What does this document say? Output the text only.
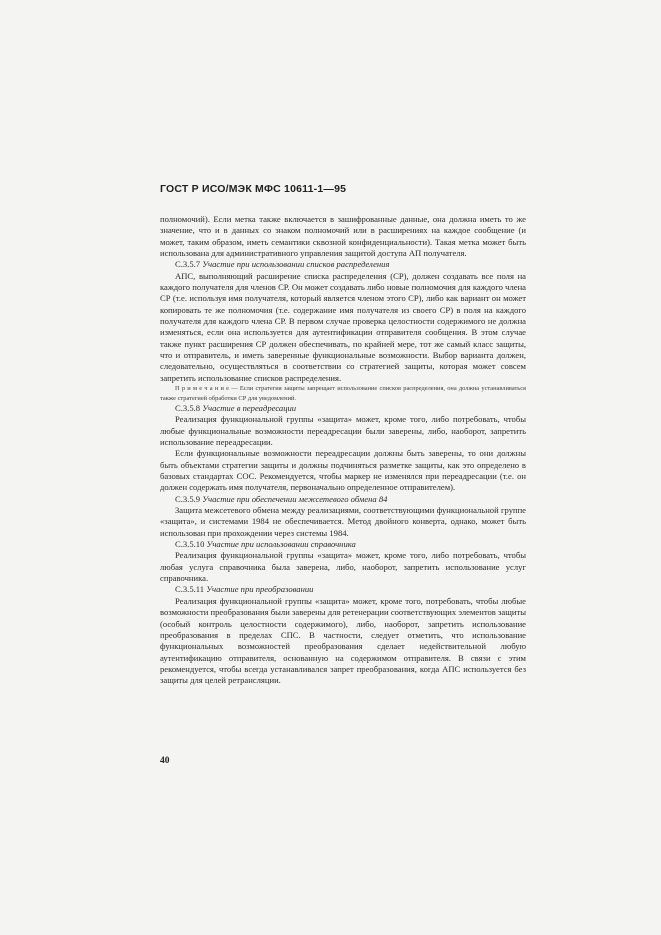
ГОСТ Р ИСО/МЭК МФС 10611-1—95

полномочий). Если метка также включается в зашифрованные данные, она должна иметь то же значение, что и в данных со знаком полномочий или в расширениях на каждое сообщение (и может, таким образом, иметь семантики сквозной конфиденциальности). Такая метка может быть использована для административного управления защитой доступа АП получателя.

С.3.5.7 Участие при использовании списков распределения

АПС, выполняющий расширение списка распределения (СР), должен создавать все поля на каждого получателя для членов СР. Он может создавать либо новые полномочия для каждого члена СР (т.е. используя имя получателя, который является членом этого СР), либо как вариант он может копировать те же полномочия (т.е. содержание имя получателя из своего СР) в поля на каждого получателя для каждого члена СР. В первом случае проверка целостности содержимого не должна изменяться, если она используется для аутентификации отправителя сообщения. В этом случае также пункт расширения СР должен обеспечивать, по крайней мере, тот же самый класс защиты, что и отправитель, и иметь заверенные функциональные возможности. Выбор варианта должен, следовательно, осуществляться в соответствии со стратегией защиты, которая может совсем запретить использование списков распределения.

П р и м е ч а н и е — Если стратегия защиты запрещает использование списков распределения, она должна устанавливаться также стратегией обработки СР для уведомлений.

С.3.5.8 Участие в переадресации

Реализация функциональной группы «защита» может, кроме того, либо потребовать, чтобы любые функциональные возможности переадресации были заверены, либо, наоборот, запретить использование переадресации.

Если функциональные возможности переадресации должны быть заверены, то они должны быть объектами стратегии защиты и должны подчиняться разметке защиты, как это определено в базовых стандартах СОС. Рекомендуется, чтобы маркер не изменялся при переадресации (т.е. он должен содержать имя получателя, первоначально определенное отправителем).

С.3.5.9 Участие при обеспечении межсетевого обмена 84

Защита межсетевого обмена между реализациями, соответствующими функциональной группе «защита», и системами 1984 не обеспечивается. Метод двойного конверта, однако, может быть использован при прохождении через системы 1984.

С.3.5.10 Участие при использовании справочника

Реализация функциональной группы «защита» может, кроме того, либо потребовать, чтобы любая услуга справочника была заверена, либо, наоборот, запретить использование услуг справочника.

С.3.5.11 Участие при преобразовании

Реализация функциональной группы «защита» может, кроме того, потребовать, чтобы любые возможности преобразования были заверены для ретенерации соответствующих элементов защиты (особый контроль целостности содержимого), либо, наоборот, запретить использование преобразования в пределах СПС. В частности, следует отметить, что использование функциональных возможностей преобразования сделает недействительной любую аутентификацию отправителя, основанную на содержимом отправителя. В связи с этим рекомендуется, чтобы всегда устанавливался запрет преобразования, когда АПС используется без защиты для целей ретрансляции.

40
